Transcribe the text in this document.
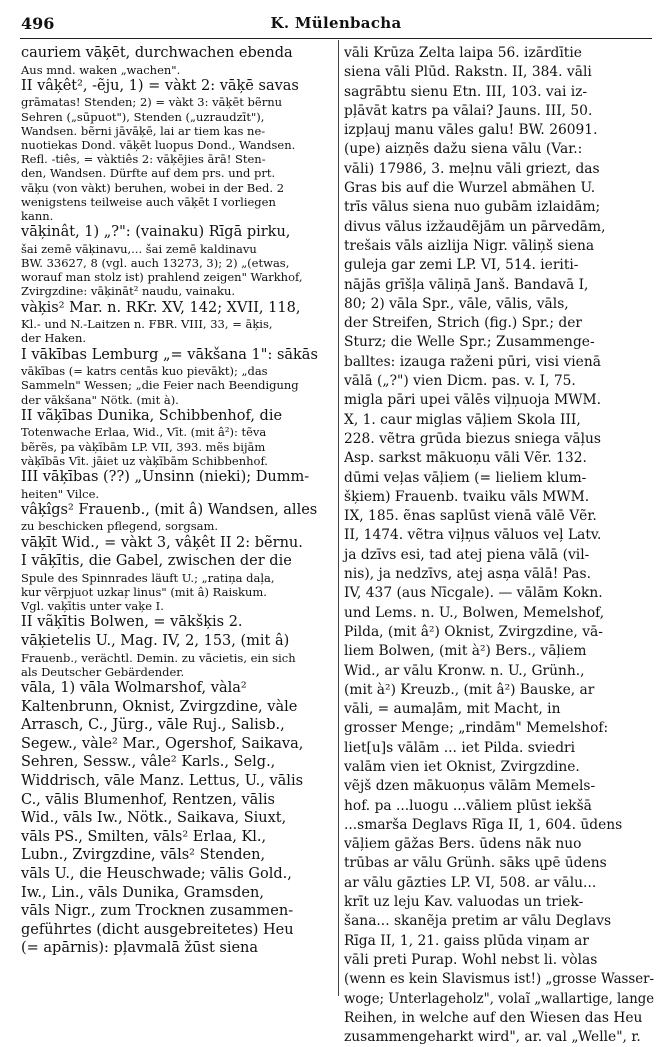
496	K. Mülenbacha
cauriem vāķēt, durchwachen ebenda
Aus mnd. waken „wachen".
II vâķêt², -ẽju, 1) = vàkt 2: vāķē savas
grāmatas! Stenden; 2) = vàkt 3: vāķēt bẽrnu
Sehren („sūpuot"), Stenden („uzraudzīt"),
Wandsen. bẽrni jāvāķē, lai ar tiem kas ne-
nuotiekas Dond. vāķēt luopus Dond., Wandsen.
Refl. -tiês, = vàktiês 2: vāķējies ārā! Sten-
den, Wandsen. Dürfte auf dem prs. und prt.
vāķu (von vàkt) beruhen, wobei in der Bed. 2
wenigstens teilweise auch vāķēt I vorliegen
kann.
vāķinât, 1) „?": (vainaku) Rīgā pirku,
šai zemē vāķinavu,... šai zemē kaldinavu
BW. 33627, 8 (vgl. auch 13273, 3); 2) „(etwas,
worauf man stolz ist) prahlend zeigen" Warkhof,
Zvirgzdine: vāķināt² naudu, vainaku.
vàķis² Mar. n. RKr. XV, 142; XVII, 118,
Kl.- und N.-Laitzen n. FBR. VIII, 33, = āķis,
der Haken.
I vākības Lemburg „= vākšana 1": sākās
vākības (= katrs centās kuo pievākt); „das
Sammeln" Wessen; „die Feier nach Beendigung
der vākšana" Nötk. (mit à).
II vãķības Dunika, Schibbenhof, die
Totenwache Erlaa, Wid., Vīt. (mit â²): tẽva
bẽrẽs, pa vàķībām LP. VII, 393. mẽs bijām
vàķībās Vīt. jāiet uz vàķībām Schibbenhof.
III vāķības (??) „Unsinn (nieki); Dumm-
heiten" Vilce.
vâķîgs² Frauenb., (mit â) Wandsen, alles
zu beschicken pflegend, sorgsam.
vāķīt Wid., = vàkt 3, vâķêt II 2: bẽrnu.
I vāķītis, die Gabel, zwischen der die
Spule des Spinnrades läuft U.; „ratiņa daļa,
kur vẽrpjuot uzkaŗ linus" (mit â) Raiskum.
Vgl. vaķītis unter vaķe I.
II vãķītis Bolwen, = vākšķis 2.
vāķietelis U., Mag. IV, 2, 153, (mit â)
Frauenb., verächtl. Demin. zu vācietis, ein sich
als Deutscher Gebärdender.
vāla, 1) vāla Wolmarshof, vàla²
Kaltenbrunn, Oknist, Zvirgzdine, vàle
Arrasch, C., Jürg., vāle Ruj., Salisb.,
Segew., vàle² Mar., Ogershof, Saikava,
Sehren, Sessw., vâle² Karls., Selg.,
Widdrisch, vāle Manz. Lettus, U., vālis
C., vālis Blumenhof, Rentzen, vālis
Wid., vāls Iw., Nötk., Saikava, Siuxt,
vāls PS., Smilten, vāls² Erlaa, Kl.,
Lubn., Zvirgzdine, vāls² Stenden,
vāls U., die Heuschwade; vālis Gold.,
Iw., Lin., vāls Dunika, Gramsden,
vāls Nigr., zum Trocknen zusammen-
geführtes (dicht ausgebreitetes) Heu
(= apārnis): pļavmalā žūst siena
vāli Krūza Zelta laipa 56. izārdītie
siena vāli Plūd. Rakstn. II, 384. vāli
sagrābtu sienu Etn. III, 103. vai iz-
pļāvāt katrs pa vālai? Jauns. III, 50.
izpļauj manu vāles galu! BW. 26091.
(upe) aizņẽs dažu siena vālu (Var.:
vāli) 17986, 3. meļnu vāli griezt, das
Gras bis auf die Wurzel abmähen U.
trīs vālus siena nuo gubām izlaidām;
divus vālus izžaudẽjām un pārvedām,
trešais vāls aizlija Nigr. vāliņš siena
guleja gar zemi LP. VI, 514. ieriti-
nājās grīšļa vāliņā Janš. Bandavā I,
80; 2) vāla Spr., vāle, vālis, vāls,
der Streifen, Strich (fig.) Spr.; der
Sturz; die Welle Spr.; Zusammenge-
balltes: izauga raženi pūri, visi vienā
vālā („?") vien Dicm. pas. v. I, 75.
migla pāri upei vālēs viļņuoja MWM.
X, 1. caur miglas vāļiem Skola III,
228. vẽtra grūda biezus sniega vāļus
Asp. sarkst mākuoņu vāli Vẽr. 132.
dūmi veļas vāļiem (= lieliem klum-
šķiem) Frauenb. tvaiku vāls MWM.
IX, 185. ẽnas saplūst vienā vālē Vẽr.
II, 1474. vẽtra viļņus vāluos veļ Latv.
ja dzīvs esi, tad atej piena vālā (vil-
nis), ja nedzīvs, atej asņa vālā! Pas.
IV, 437 (aus Nīcgale). — vālām Kokn.
und Lems. n. U., Bolwen, Memelshof,
Pilda, (mit â²) Oknist, Zvirgzdine, vā-
liem Bolwen, (mit à²) Bers., vāļiem
Wid., ar vālu Kronw. n. U., Grünh.,
(mit à²) Kreuzb., (mit â²) Bauske, ar
vāli, = aumaļām, mit Macht, in
grosser Menge; „rindām" Memelshof:
liet[u]s vālām ... iet Pilda. sviedri
valām vien iet Oknist, Zvirgzdine.
vẽjš dzen mākuoņus vālām Memels-
hof. pa ...luogu ...vāliem plūst iekšā
...smarša Deglavs Rīga II, 1, 604. ūdens
vāļiem gāžas Bers. ūdens nāk nuo
trūbas ar vālu Grünh. sāks ųpē ūdens
ar vālu gāzties LP. VI, 508. ar vālu...
krīt uz leju Kav. valuodas un triek-
šana... skanẽja pretim ar vālu Deglavs
Rīga II, 1, 21. gaiss plūda viņam ar
vāli preti Purap. Wohl nebst li. vòlas
(wenn es kein Slavismus ist!) „grosse Wasser-
woge; Unterlageholz", volaĩ „wallartige, lange
Reihen, in welche auf den Wiesen das Heu
zusammengeharkt wird", ar. val „Welle", r.
